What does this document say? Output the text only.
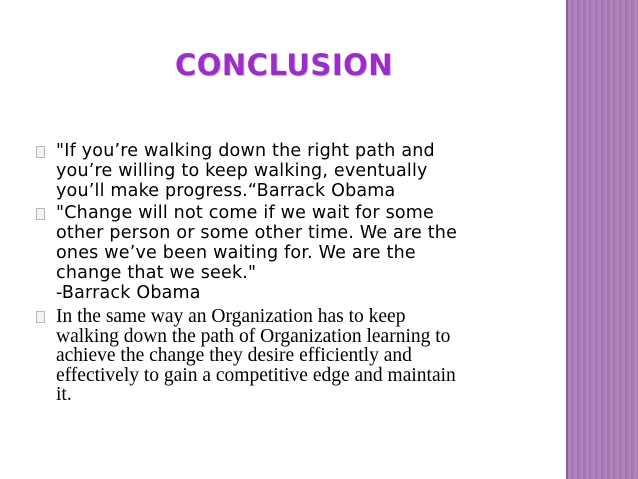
CONCLUSION
"If you’re walking down the right path and
you’re willing to keep walking, eventually
you’ll make progress.“Barrack Obama
"Change will not come if we wait for some
other person or some other time. We are the
ones we’ve been waiting for. We are the
change that we seek."
-Barrack Obama
In the same way an Organization has to keep
walking down the path of Organization learning to
achieve the change they desire efficiently and
effectively to gain a competitive edge and maintain
it.
